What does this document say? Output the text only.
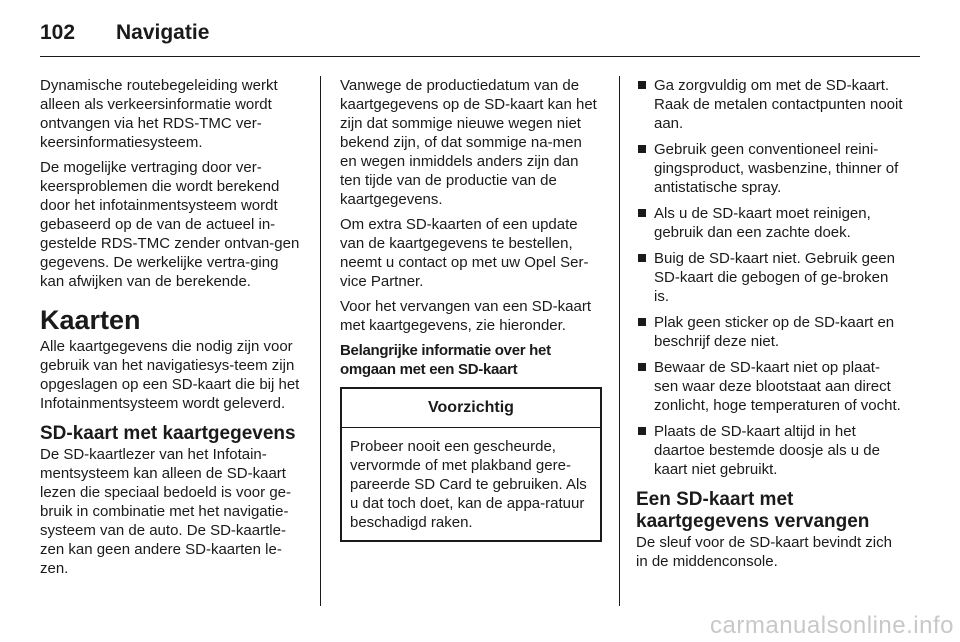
102 Navigatie

Dynamische routebegeleiding werkt alleen als verkeersinformatie wordt ontvangen via het RDS-TMC ver-keersinformatiesysteem.

De mogelijke vertraging door ver-keersproblemen die wordt berekend door het infotainmentsysteem wordt gebaseerd op de van de actueel in-gestelde RDS-TMC zender ontvan-gen gegevens. De werkelijke vertra-ging kan afwijken van de berekende.

Kaarten

Alle kaartgegevens die nodig zijn voor gebruik van het navigatiesys-teem zijn opgeslagen op een SD-kaart die bij het Infotainmentsysteem wordt geleverd.

SD-kaart met kaartgegevens

De SD-kaartlezer van het Infotain-mentsysteem kan alleen de SD-kaart lezen die speciaal bedoeld is voor ge-bruik in combinatie met het navigatie-systeem van de auto. De SD-kaartle-zen kan geen andere SD-kaarten le-zen.

Vanwege de productiedatum van de kaartgegevens op de SD-kaart kan het zijn dat sommige nieuwe wegen niet bekend zijn, of dat sommige na-men en wegen inmiddels anders zijn dan ten tijde van de productie van de kaartgegevens.

Om extra SD-kaarten of een update van de kaartgegevens te bestellen, neemt u contact op met uw Opel Ser-vice Partner.

Voor het vervangen van een SD-kaart met kaartgegevens, zie hieronder.

Belangrijke informatie over het omgaan met een SD-kaart
Voorzichtig
Probeer nooit een gescheurde, vervormde of met plakband gere-pareerde SD Card te gebruiken. Als u dat toch doet, kan de appa-ratuur beschadigd raken.
Ga zorgvuldig om met de SD-kaart. Raak de metalen contactpunten nooit aan.
Gebruik geen conventioneel reini-gingsproduct, wasbenzine, thinner of antistatische spray.
Als u de SD-kaart moet reinigen, gebruik dan een zachte doek.
Buig de SD-kaart niet. Gebruik geen SD-kaart die gebogen of ge-broken is.
Plak geen sticker op de SD-kaart en beschrijf deze niet.
Bewaar de SD-kaart niet op plaat-sen waar deze blootstaat aan direct zonlicht, hoge temperaturen of vocht.
Plaats de SD-kaart altijd in het daartoe bestemde doosje als u de kaart niet gebruikt.
Een SD-kaart met kaartgegevens vervangen

De sleuf voor de SD-kaart bevindt zich in de middenconsole.

carmanualsonline.info
